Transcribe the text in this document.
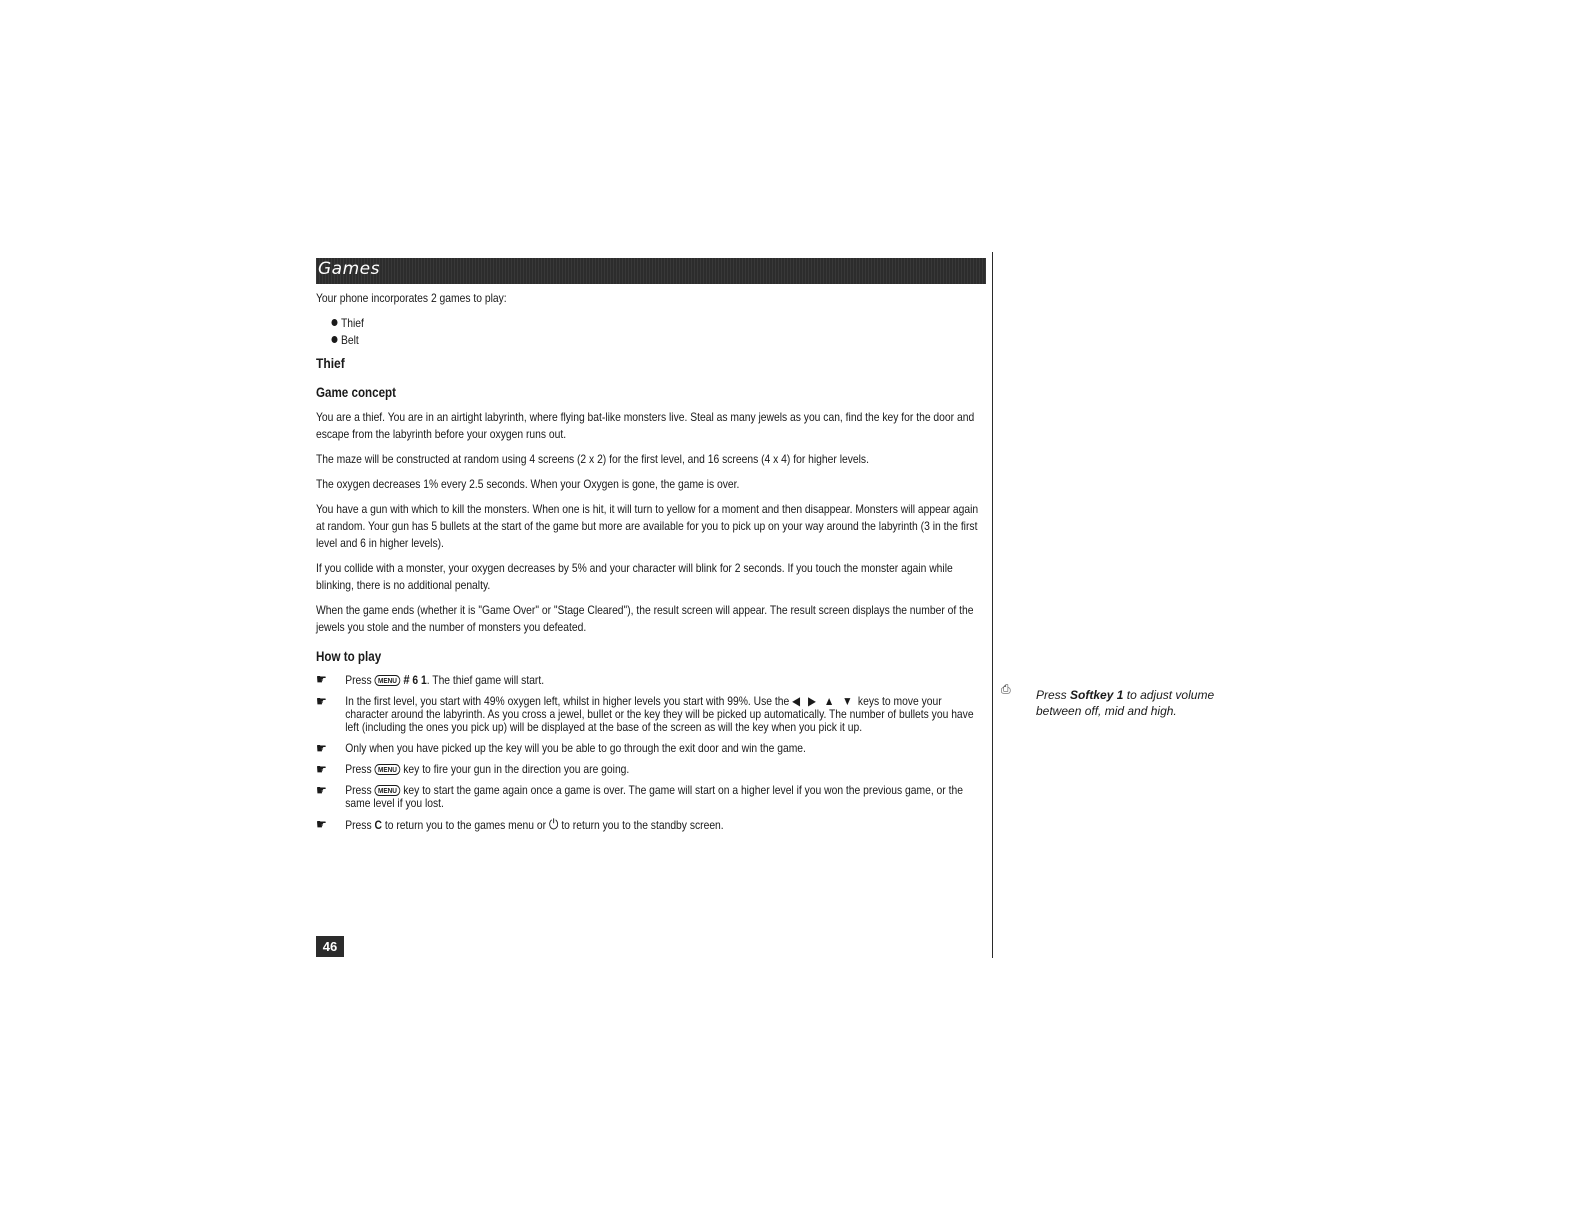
Games

Your phone incorporates 2 games to play:

Thief
Belt
Thief
Game concept

You are a thief. You are in an airtight labyrinth, where flying bat-like monsters live. Steal as many jewels as you can, find the key for the door and escape from the labyrinth before your oxygen runs out.

The maze will be constructed at random using 4 screens (2 x 2) for the first level, and 16 screens (4 x 4) for higher levels.

The oxygen decreases 1% every 2.5 seconds. When your Oxygen is gone, the game is over.

You have a gun with which to kill the monsters. When one is hit, it will turn to yellow for a moment and then disappear. Monsters will appear again at random. Your gun has 5 bullets at the start of the game but more are available for you to pick up on your way around the labyrinth (3 in the first level and 6 in higher levels).

If you collide with a monster, your oxygen decreases by 5% and your character will blink for 2 seconds. If you touch the monster again while blinking, there is no additional penalty.

When the game ends (whether it is "Game Over" or "Stage Cleared"), the result screen will appear. The result screen displays the number of the jewels you stole and the number of monsters you defeated.

How to play
☛ Press MENU # 6 1. The thief game will start.
☛ In the first level, you start with 49% oxygen left, whilst in higher levels you start with 99%. Use the ◀ ▶ ▲ ▼ keys to move your character around the labyrinth. As you cross a jewel, bullet or the key they will be picked up automatically. The number of bullets you have left (including the ones you pick up) will be displayed at the base of the screen as will the key when you pick it up.
☛ Only when you have picked up the key will you be able to go through the exit door and win the game.
☛ Press MENU key to fire your gun in the direction you are going.
☛ Press MENU key to start the game again once a game is over. The game will start on a higher level if you won the previous game, or the same level if you lost.
☛ Press C to return you to the games menu or ⏻ to return you to the standby screen.
46
⎙	Press Softkey 1 to adjust volume between off, mid and high.
